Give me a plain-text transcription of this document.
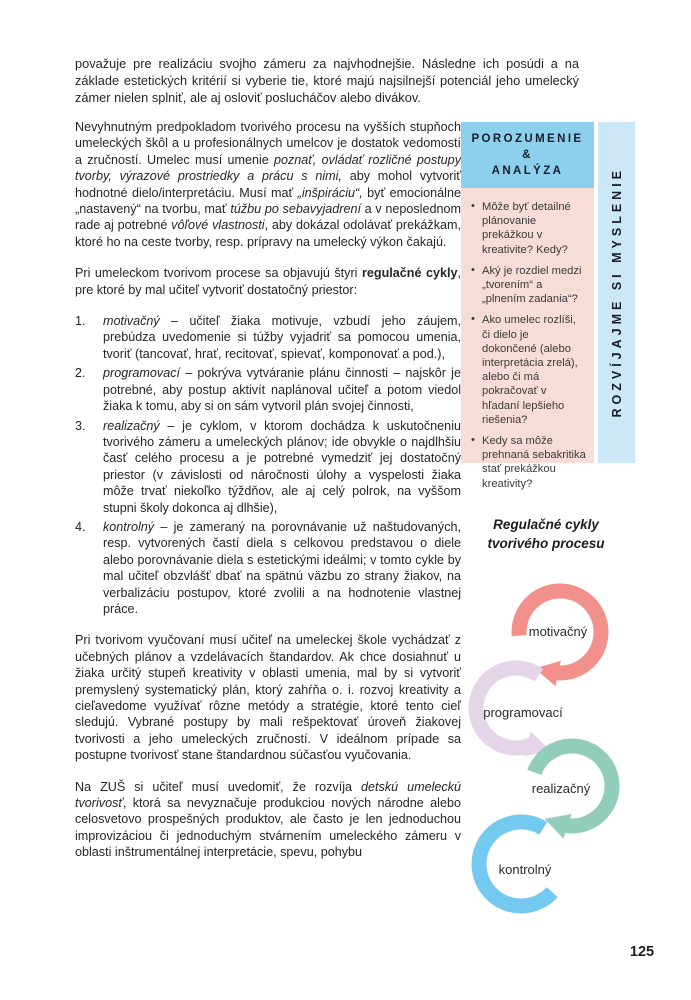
považuje pre realizáciu svojho zámeru za najvhodnejšie. Následne ich posúdi a na základe estetických kritérií si vyberie tie, ktoré majú najsilnejší potenciál jeho umelecký zámer nielen splniť, ale aj osloviť poslucháčov alebo divákov.
Nevyhnutným predpokladom tvorivého procesu na vyšších stupňoch umeleckých škôl a u profesionálnych umelcov je dostatok vedomostí a zručností. Umelec musí umenie poznať, ovládať rozličné postupy tvorby, výrazové prostriedky a prácu s nimi, aby mohol vytvoriť hodnotné dielo/interpretáciu. Musí mať „inšpiráciu“, byť emocionálne „nastavený“ na tvorbu, mať túžbu po sebavyjadrení a v neposlednom rade aj potrebné vôľové vlastnosti, aby dokázal odolávať prekážkam, ktoré ho na ceste tvorby, resp. prípravy na umelecký výkon čakajú.
Pri umeleckom tvorivom procese sa objavujú štyri regulačné cykly, pre ktoré by mal učiteľ vytvoriť dostatočný priestor:
1. motivačný – učiteľ žiaka motivuje, vzbudí jeho záujem, prebúdza uvedomenie si túžby vyjadriť sa pomocou umenia, tvoriť (tancovať, hrať, recitovať, spievať, komponovať a pod.),
2. programovací – pokrýva vytváranie plánu činnosti – najskôr je potrebné, aby postup aktivít naplánoval učiteľ a potom viedol žiaka k tomu, aby si on sám vytvoril plán svojej činnosti,
3. realizačný – je cyklom, v ktorom dochádza k uskutočneniu tvorivého zámeru a umeleckých plánov; ide obvykle o najdlhšiu časť celého procesu a je potrebné vymedziť jej dostatočný priestor (v závislosti od náročnosti úlohy a vyspelosti žiaka môže trvať niekoľko týždňov, ale aj celý polrok, na vyššom stupni školy dokonca aj dlhšie),
4. kontrolný – je zameraný na porovnávanie už naštudovaných, resp. vytvorených častí diela s celkovou predstavou o diele alebo porovnávanie diela s estetickými ideálmi; v tomto cykle by mal učiteľ obzvlášť dbať na spätnú väzbu zo strany žiakov, na verbalizáciu postupov, ktoré zvolili a na hodnotenie vlastnej práce.
Pri tvorivom vyučovaní musí učiteľ na umeleckej škole vychádzať z učebných plánov a vzdelávacích štandardov. Ak chce dosiahnuť u žiaka určitý stupeň kreativity v oblasti umenia, mal by si vytvoriť premyslený systematický plán, ktorý zahŕňa o. i. rozvoj kreativity a cieľavedome využívať rôzne metódy a stratégie, ktoré tento cieľ sledujú. Vybrané postupy by mali rešpektovať úroveň žiakovej tvorivosti a jeho umeleckých zručností. V ideálnom prípade sa postupne tvorivosť stane štandardnou súčasťou vyučovania.
Na ZUŠ si učiteľ musí uvedomiť, že rozvíja detskú umeleckú tvorivosť, ktorá sa nevyznačuje produkciou nových národne alebo celosvetovo prospešných produktov, ale často je len jednoduchou improvizáciou či jednoduchým stvárnením umeleckého zámeru v oblasti inštrumentálnej interpretácie, spevu, pohybu
POROZUMENIE
&
ANALÝZA
• Môže byť detailné plánovanie prekážkou v kreativite? Kedy?
• Aký je rozdiel medzi „tvorením“ a „plnením zadania“?
• Ako umelec rozlíši, či dielo je dokončené (alebo interpretácia zrelá), alebo či má pokračovať v hľadaní lepšieho riešenia?
• Kedy sa môže prehnaná sebakritika stať prekážkou kreativity?
ROZVÍJAJME SI MYSLENIE
Regulačné cykly
tvorivého procesu
motivačný
programovací
realizačný
kontrolný
125
